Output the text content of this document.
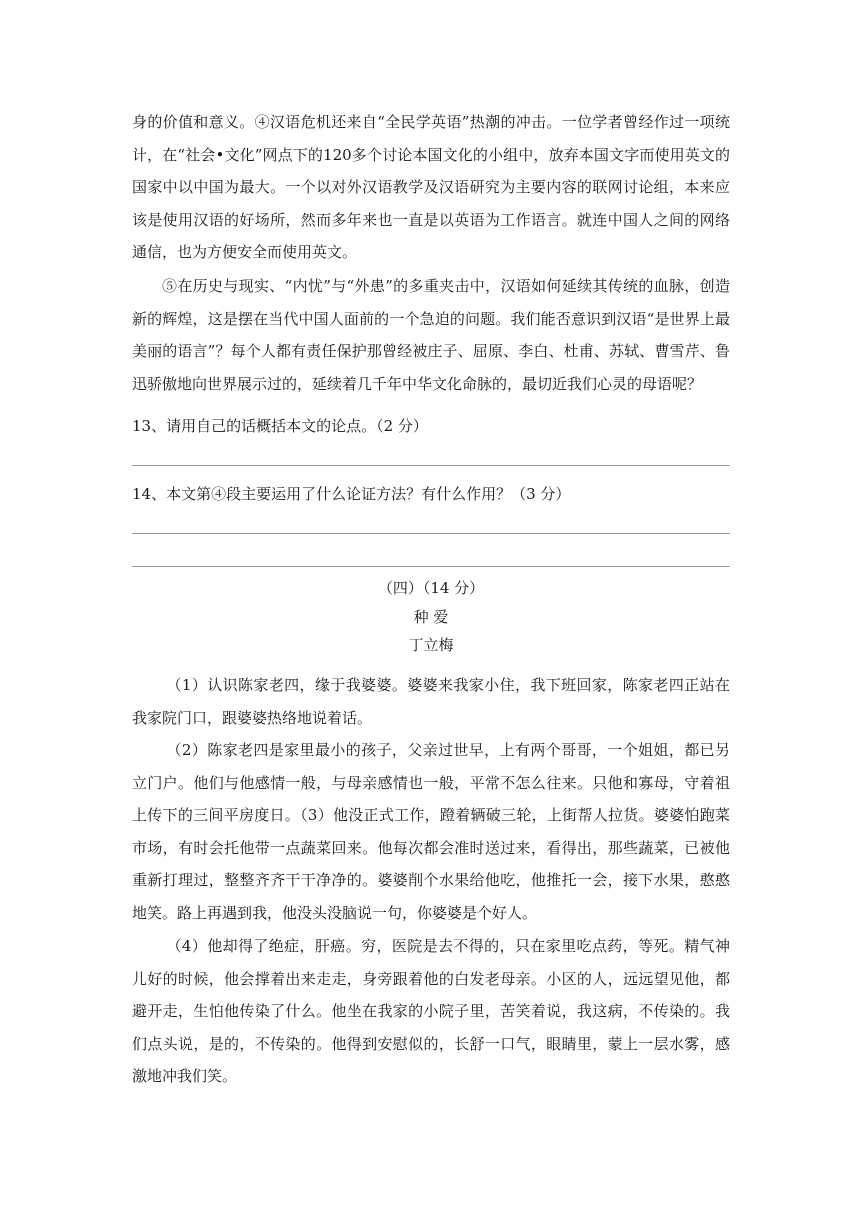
身的价值和意义。④汉语危机还来自“全民学英语”热潮的冲击。一位学者曾经作过一项统计，在“社会•文化”网点下的120多个讨论本国文化的小组中，放弃本国文字而使用英文的国家中以中国为最大。一个以对外汉语教学及汉语研究为主要内容的联网讨论组，本来应该是使用汉语的好场所，然而多年来也一直是以英语为工作语言。就连中国人之间的网络通信，也为方便安全而使用英文。

⑤在历史与现实、“内忧”与“外患”的多重夹击中，汉语如何延续其传统的血脉，创造新的辉煌，这是摆在当代中国人面前的一个急迫的问题。我们能否意识到汉语“是世界上最美丽的语言”？每个人都有责任保护那曾经被庄子、屈原、李白、杜甫、苏轼、曹雪芹、鲁迅骄傲地向世界展示过的，延续着几千年中华文化命脉的，最切近我们心灵的母语呢？

13、请用自己的话概括本文的论点。（2 分）

14、本文第④段主要运用了什么论证方法？有什么作用？（3 分）

（四）（14 分）

种 爱

丁立梅

（1）认识陈家老四，缘于我婆婆。婆婆来我家小住，我下班回家，陈家老四正站在我家院门口，跟婆婆热络地说着话。

（2）陈家老四是家里最小的孩子，父亲过世早，上有两个哥哥，一个姐姐，都已另立门户。他们与他感情一般，与母亲感情也一般，平常不怎么往来。只他和寡母，守着祖上传下的三间平房度日。（3）他没正式工作，蹬着辆破三轮，上街帮人拉货。婆婆怕跑菜市场，有时会托他带一点蔬菜回来。他每次都会准时送过来，看得出，那些蔬菜，已被他重新打理过，整整齐齐干干净净的。婆婆削个水果给他吃，他推托一会，接下水果，憨憨地笑。路上再遇到我，他没头没脑说一句，你婆婆是个好人。

（4）他却得了绝症，肝癌。穷，医院是去不得的，只在家里吃点药，等死。精气神儿好的时候，他会撑着出来走走，身旁跟着他的白发老母亲。小区的人，远远望见他，都避开走，生怕他传染了什么。他坐在我家的小院子里，苦笑着说，我这病，不传染的。我们点头说，是的，不传染的。他得到安慰似的，长舒一口气，眼睛里，蒙上一层水雾，感激地冲我们笑。
